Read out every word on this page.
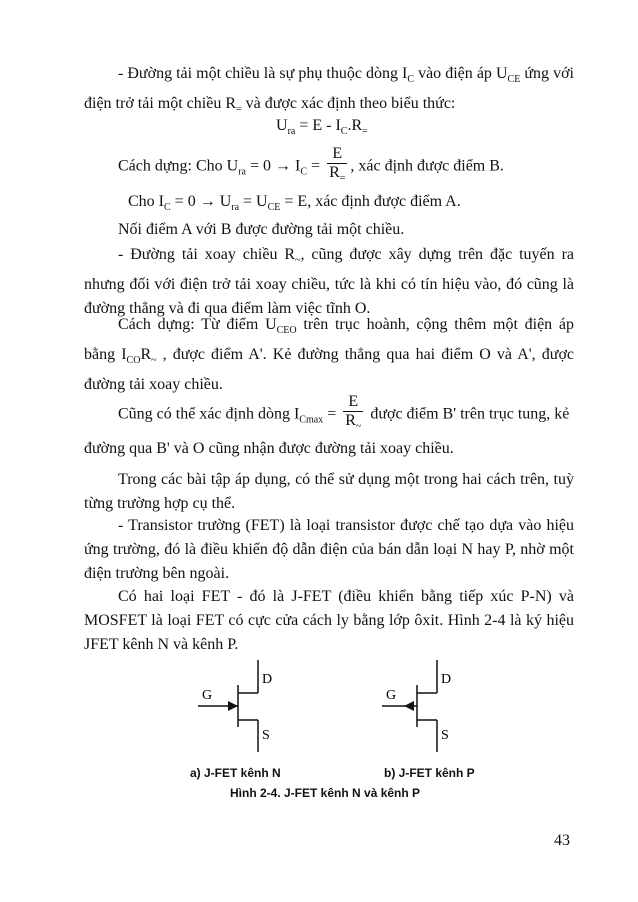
- Đường tải một chiều là sự phụ thuộc dòng $I_C$ vào điện áp $U_{CE}$ ứng với điện trở tải một chiều $R_=$ và được xác định theo biểu thức:

$U_{ra} = E - I_C.R_=$
Cách dựng: Cho $U_{ra} = 0 \to I_C = \frac{E}{R_=}$ , xác định được điểm B.
Cho $I_C = 0 \to U_{ra} = U_{CE} = E$, xác định được điểm A.

Nối điểm A với B được đường tải một chiều.

- Đường tải xoay chiều $R_\sim$, cũng được xây dựng trên đặc tuyến ra nhưng đối với điện trở tải xoay chiều, tức là khi có tín hiệu vào, đó cũng là đường thẳng và đi qua điểm làm việc tĩnh O.

Cách dựng: Từ điểm $U_{CEO}$ trên trục hoành, cộng thêm một điện áp bằng $I_{CO}R_\sim$ , được điểm A'. Kẻ đường thẳng qua hai điểm O và A', được đường tải xoay chiều.

Cũng có thể xác định dòng $I_{Cmax} = \frac{E}{R_\sim}$ được điểm B' trên trục tung, kẻ

đường qua B' và O cũng nhận được đường tải xoay chiều.

Trong các bài tập áp dụng, có thể sử dụng một trong hai cách trên, tuỳ từng trường hợp cụ thể.

- Transistor trường (FET) là loại transistor được chế tạo dựa vào hiệu ứng trường, đó là điều khiển độ dẫn điện của bán dẫn loại N hay P, nhờ một điện trường bên ngoài.

Có hai loại FET - đó là J-FET (điều khiển bằng tiếp xúc P-N) và MOSFET là loại FET có cực cửa cách ly bằng lớp ôxit. Hình 2-4 là ký hiệu JFET kênh N và kênh P.

G
D
S
G
D
S
a) J-FET kênh N	b) J-FET kênh P
Hình 2-4. J-FET kênh N và kênh P
43
